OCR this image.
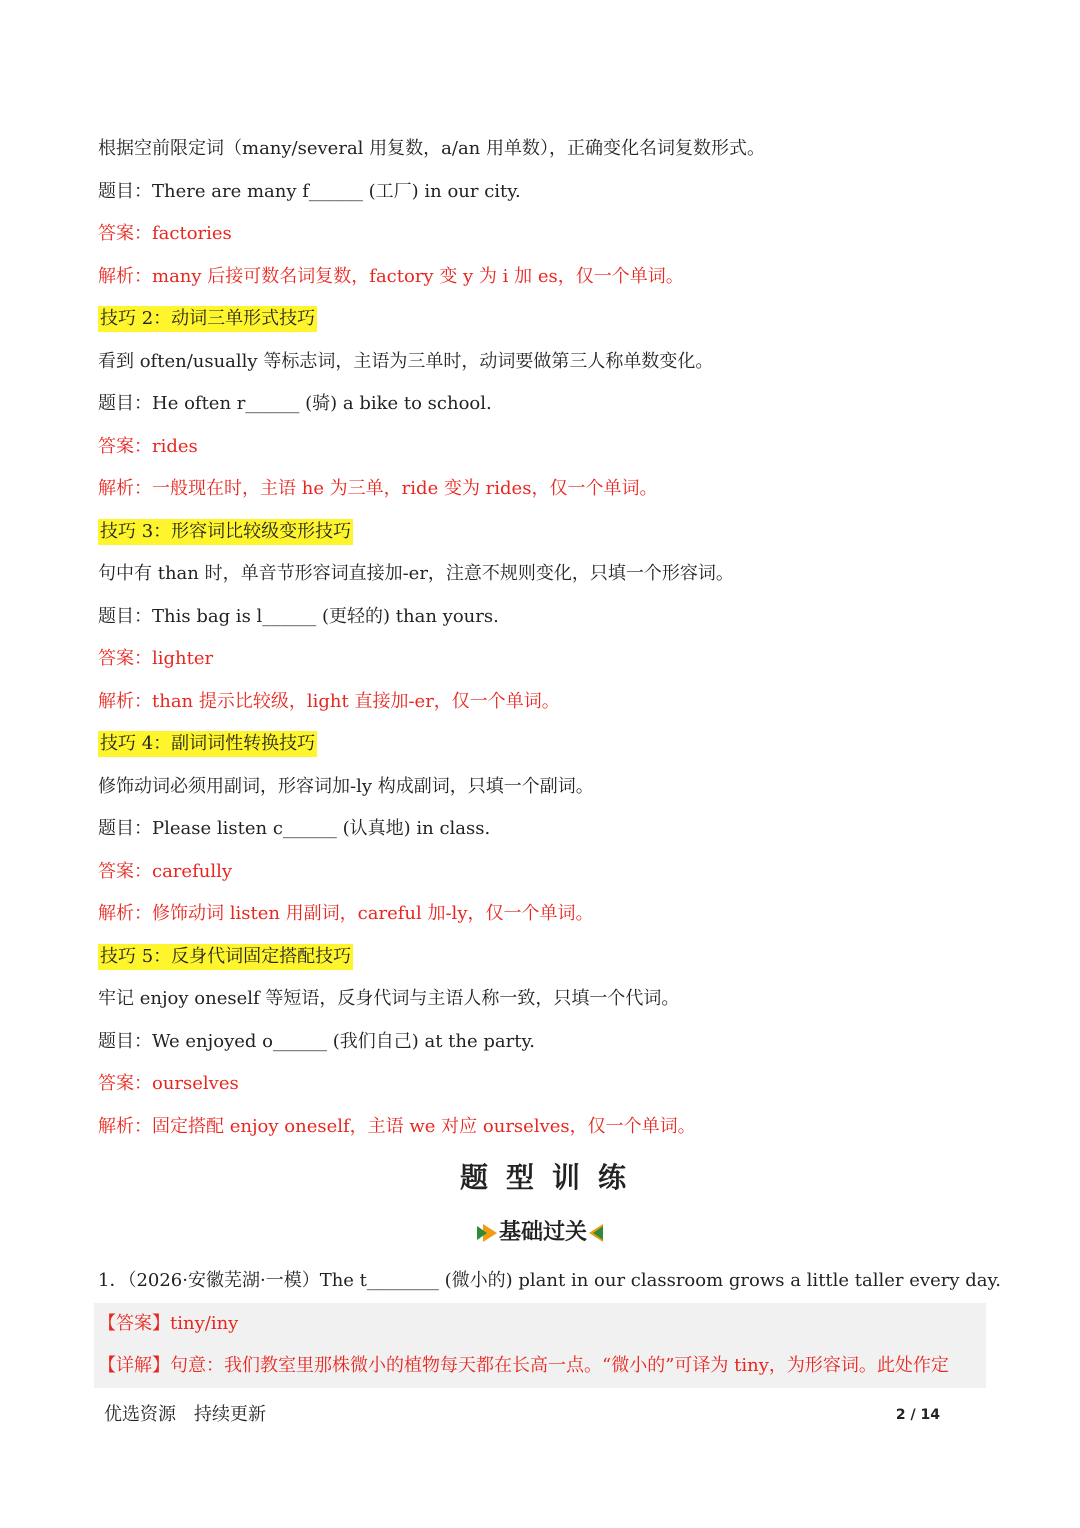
根据空前限定词（many/several 用复数，a/an 用单数），正确变化名词复数形式。
题目：There are many f______ (工厂) in our city.
答案：factories
解析：many 后接可数名词复数，factory 变 y 为 i 加 es，仅一个单词。
技巧 2：动词三单形式技巧
看到 often/usually 等标志词，主语为三单时，动词要做第三人称单数变化。
题目：He often r______ (骑) a bike to school.
答案：rides
解析：一般现在时，主语 he 为三单，ride 变为 rides，仅一个单词。
技巧 3：形容词比较级变形技巧
句中有 than 时，单音节形容词直接加-er，注意不规则变化，只填一个形容词。
题目：This bag is l______ (更轻的) than yours.
答案：lighter
解析：than 提示比较级，light 直接加-er，仅一个单词。
技巧 4：副词词性转换技巧
修饰动词必须用副词，形容词加-ly 构成副词，只填一个副词。
题目：Please listen c______ (认真地) in class.
答案：carefully
解析：修饰动词 listen 用副词，careful 加-ly，仅一个单词。
技巧 5：反身代词固定搭配技巧
牢记 enjoy oneself 等短语，反身代词与主语人称一致，只填一个代词。
题目：We enjoyed o______ (我们自己) at the party.
答案：ourselves
解析：固定搭配 enjoy oneself，主语 we 对应 ourselves，仅一个单词。
题型训练
基础过关
1．（2026·安徽芜湖·一模）The t________ (微小的) plant in our classroom grows a little taller every day.
【答案】tiny/iny
【详解】句意：我们教室里那株微小的植物每天都在长高一点。“微小的”可译为 tiny，为形容词。此处作定
优选资源　持续更新	2 / 14
